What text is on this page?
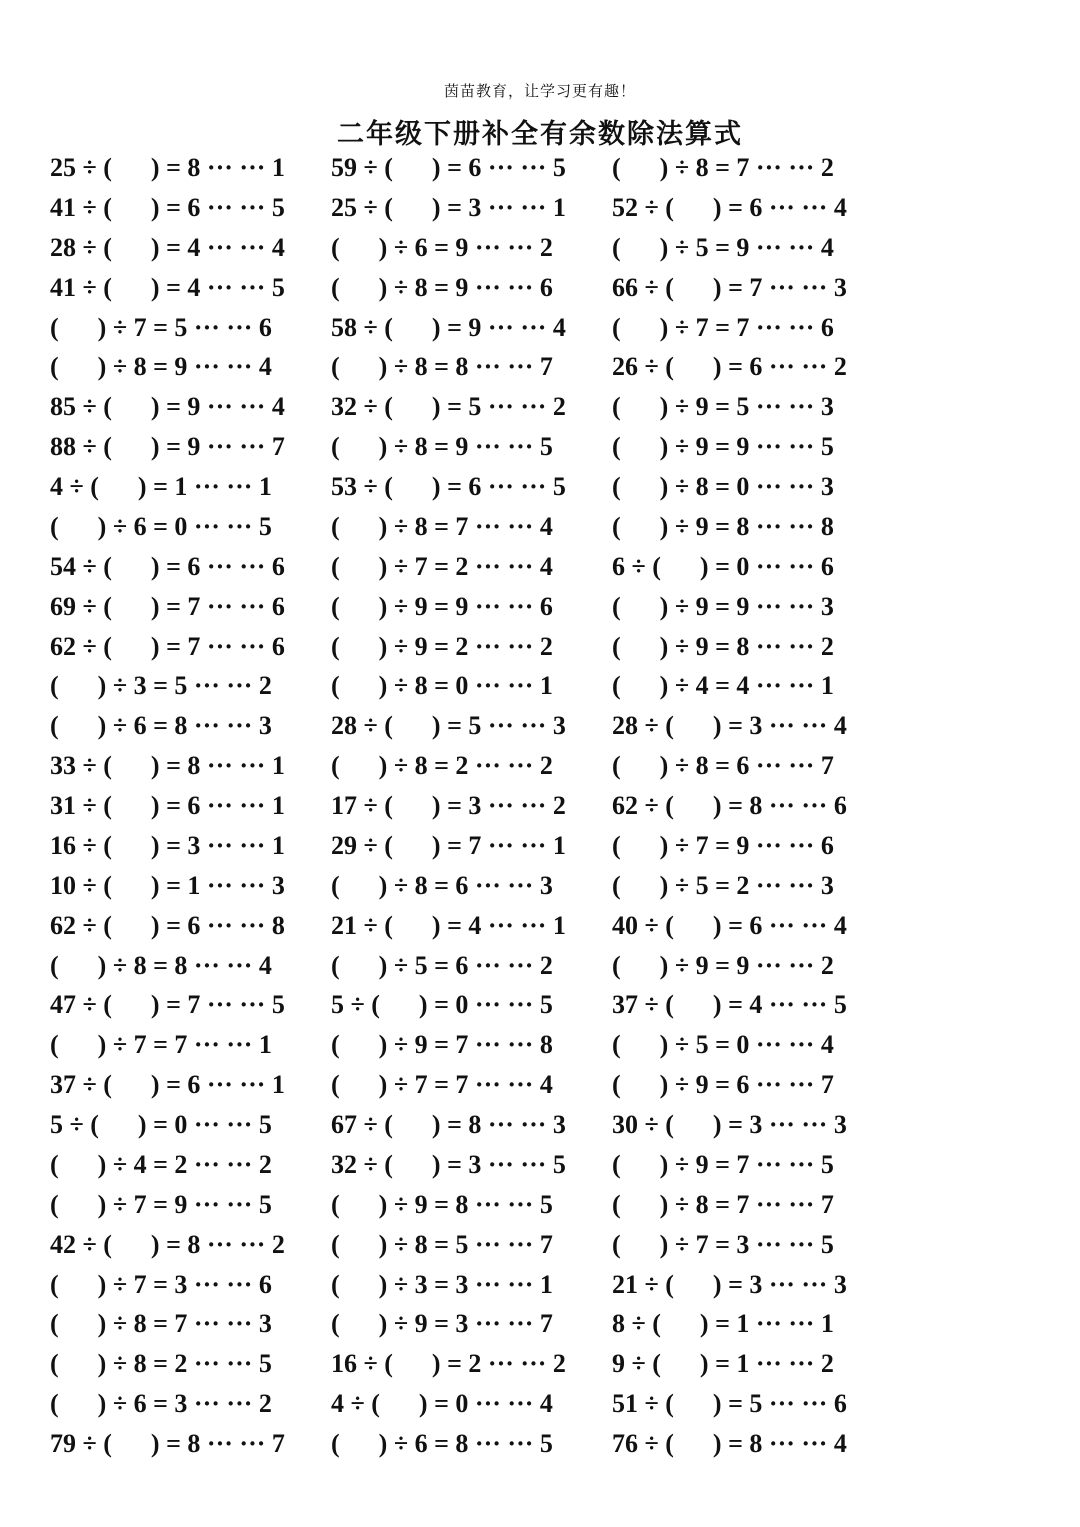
茵苗教育，让学习更有趣！
二年级下册补全有余数除法算式
25 ÷ (      ) = 8 ··· ··· 1 59 ÷ (      ) = 6 ··· ··· 5 (      ) ÷ 8 = 7 ··· ··· 2
41 ÷ (      ) = 6 ··· ··· 5 25 ÷ (      ) = 3 ··· ··· 1 52 ÷ (      ) = 6 ··· ··· 4
28 ÷ (      ) = 4 ··· ··· 4 (      ) ÷ 6 = 9 ··· ··· 2 (      ) ÷ 5 = 9 ··· ··· 4
41 ÷ (      ) = 4 ··· ··· 5 (      ) ÷ 8 = 9 ··· ··· 6 66 ÷ (      ) = 7 ··· ··· 3
(      ) ÷ 7 = 5 ··· ··· 6 58 ÷ (      ) = 9 ··· ··· 4 (      ) ÷ 7 = 7 ··· ··· 6
(      ) ÷ 8 = 9 ··· ··· 4 (      ) ÷ 8 = 8 ··· ··· 7 26 ÷ (      ) = 6 ··· ··· 2
85 ÷ (      ) = 9 ··· ··· 4 32 ÷ (      ) = 5 ··· ··· 2 (      ) ÷ 9 = 5 ··· ··· 3
88 ÷ (      ) = 9 ··· ··· 7 (      ) ÷ 8 = 9 ··· ··· 5 (      ) ÷ 9 = 9 ··· ··· 5
4 ÷ (      ) = 1 ··· ··· 1 53 ÷ (      ) = 6 ··· ··· 5 (      ) ÷ 8 = 0 ··· ··· 3
(      ) ÷ 6 = 0 ··· ··· 5 (      ) ÷ 8 = 7 ··· ··· 4 (      ) ÷ 9 = 8 ··· ··· 8
54 ÷ (      ) = 6 ··· ··· 6 (      ) ÷ 7 = 2 ··· ··· 4 6 ÷ (      ) = 0 ··· ··· 6
69 ÷ (      ) = 7 ··· ··· 6 (      ) ÷ 9 = 9 ··· ··· 6 (      ) ÷ 9 = 9 ··· ··· 3
62 ÷ (      ) = 7 ··· ··· 6 (      ) ÷ 9 = 2 ··· ··· 2 (      ) ÷ 9 = 8 ··· ··· 2
(      ) ÷ 3 = 5 ··· ··· 2 (      ) ÷ 8 = 0 ··· ··· 1 (      ) ÷ 4 = 4 ··· ··· 1
(      ) ÷ 6 = 8 ··· ··· 3 28 ÷ (      ) = 5 ··· ··· 3 28 ÷ (      ) = 3 ··· ··· 4
33 ÷ (      ) = 8 ··· ··· 1 (      ) ÷ 8 = 2 ··· ··· 2 (      ) ÷ 8 = 6 ··· ··· 7
31 ÷ (      ) = 6 ··· ··· 1 17 ÷ (      ) = 3 ··· ··· 2 62 ÷ (      ) = 8 ··· ··· 6
16 ÷ (      ) = 3 ··· ··· 1 29 ÷ (      ) = 7 ··· ··· 1 (      ) ÷ 7 = 9 ··· ··· 6
10 ÷ (      ) = 1 ··· ··· 3 (      ) ÷ 8 = 6 ··· ··· 3 (      ) ÷ 5 = 2 ··· ··· 3
62 ÷ (      ) = 6 ··· ··· 8 21 ÷ (      ) = 4 ··· ··· 1 40 ÷ (      ) = 6 ··· ··· 4
(      ) ÷ 8 = 8 ··· ··· 4 (      ) ÷ 5 = 6 ··· ··· 2 (      ) ÷ 9 = 9 ··· ··· 2
47 ÷ (      ) = 7 ··· ··· 5 5 ÷ (      ) = 0 ··· ··· 5 37 ÷ (      ) = 4 ··· ··· 5
(      ) ÷ 7 = 7 ··· ··· 1 (      ) ÷ 9 = 7 ··· ··· 8 (      ) ÷ 5 = 0 ··· ··· 4
37 ÷ (      ) = 6 ··· ··· 1 (      ) ÷ 7 = 7 ··· ··· 4 (      ) ÷ 9 = 6 ··· ··· 7
5 ÷ (      ) = 0 ··· ··· 5 67 ÷ (      ) = 8 ··· ··· 3 30 ÷ (      ) = 3 ··· ··· 3
(      ) ÷ 4 = 2 ··· ··· 2 32 ÷ (      ) = 3 ··· ··· 5 (      ) ÷ 9 = 7 ··· ··· 5
(      ) ÷ 7 = 9 ··· ··· 5 (      ) ÷ 9 = 8 ··· ··· 5 (      ) ÷ 8 = 7 ··· ··· 7
42 ÷ (      ) = 8 ··· ··· 2 (      ) ÷ 8 = 5 ··· ··· 7 (      ) ÷ 7 = 3 ··· ··· 5
(      ) ÷ 7 = 3 ··· ··· 6 (      ) ÷ 3 = 3 ··· ··· 1 21 ÷ (      ) = 3 ··· ··· 3
(      ) ÷ 8 = 7 ··· ··· 3 (      ) ÷ 9 = 3 ··· ··· 7 8 ÷ (      ) = 1 ··· ··· 1
(      ) ÷ 8 = 2 ··· ··· 5 16 ÷ (      ) = 2 ··· ··· 2 9 ÷ (      ) = 1 ··· ··· 2
(      ) ÷ 6 = 3 ··· ··· 2 4 ÷ (      ) = 0 ··· ··· 4 51 ÷ (      ) = 5 ··· ··· 6
79 ÷ (      ) = 8 ··· ··· 7 (      ) ÷ 6 = 8 ··· ··· 5 76 ÷ (      ) = 8 ··· ··· 4
